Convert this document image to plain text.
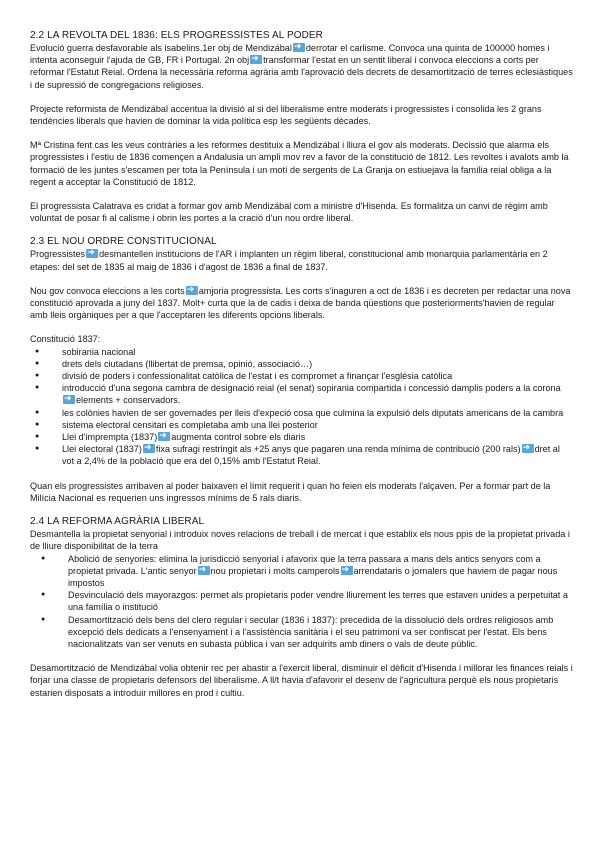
2.2 LA REVOLTA DEL 1836: ELS PROGRESSISTES AL PODER

Evolució guerra desfavorable als isabelins.1er obj de Mendizábal ➜ derrotar el carlisme. Convoca una quinta de 100000 homes i intenta aconseguir l'ajuda de GB, FR i Portugal. 2n obj ➜ transformar l'estat en un sentit liberal i convoca eleccions a corts per reformar l'Estatut Reial. Ordena la necessària reforma agrària amb l'aprovació dels decrets de desamortització de terres eclesiàstiques i de supressió de congregacions religioses.

Projecte reformista de Mendizábal accentua la divisió al si del liberalisme entre moderats i progressistes i consolida les 2 grans tendències liberals que havien de dominar la vida política esp les següents dècades.

Mª Cristina fent cas les veus contràries a les reformes destituix a Mendizábal i lliura el gov als moderats. Decissió que alarma els progressistes i l'estiu de 1836 començen a Andalusia un ampli mov rev a favor de la constitució de 1812. Les revoltes i avalots amb la formació de les juntes s'escamen per tota la Península i un motí de sergents de La Granja on estiuejava la família reial obliga a la regent a acceptar la Constitució de 1812.

El progressista Calatrava es cridat a formar gov amb Mendizábal com a ministre d'Hisenda. Es formalitza un canvi de règim amb voluntat de posar fi al calisme i obrin les portes a la cració d'un nou ordre liberal.

2.3 EL NOU ORDRE CONSTITUCIONAL

Progressistes ➜ desmantellen institucions de l'AR i implanten un règim liberal, constitucional amb monarquia parlamentària en 2 etapes: del set de 1835 al maig de 1836 i d'agost de 1836 a final de 1837.

Nou gov convoca eleccions a les corts ➜ amjoria progressista. Les corts s'inaguren a oct de 1836 i es decreten per redactar una nova constitució aprovada a juny del 1837. Molt+ curta que la de cadis i deixa de banda qüestions que posteriorments'havien de regular amb lleis orgàniques per a que l'acceptaren les diferents opcions liberals.

Constitució 1837:

● sobirania nacional
● drets dels ciutadans (llibertat de premsa, opinió, associació…)
● divisió de poders i confessionalitat catòlica de l'estat i es compromet a finançar l'església catòlica
● introducció d'una segona cambra de designació reial (el senat) sopirania compartida i concessió damplis poders a la corona➜elements + conservadors.
● les colònies havien de ser governades per lleis d'expeció cosa que culmina la expulsió dels diputats americans de la cambra
● sistema electoral censitari es completaba amb una llei posterior
● Llei d'imprempta (1837) ➜ augmenta control sobre els diaris
● Llei electoral (1837) ➜ fixa sufragi restringit als +25 anys que pagaren una renda mínima de contribució (200 rals) ➜ dret al vot a 2,4% de la població que era del 0,15% amb l'Estatut Reial.

Quan els progressistes arribaven al poder baixaven el límit requerit i quan ho feien els moderats l'alçaven. Per a formar part de la Milícia Nacional es requerien uns ingressos mínims de 5 rals diaris.

2.4 LA REFORMA AGRÀRIA LIBERAL

Desmantella la propietat senyorial i introduix noves relacions de treball i de mercat i que establix els nous ppis de la propietat privada i de lliure disponibilitat de la terra

● Abolició de senyories: elimina la jurisdicció senyorial i afavorix que la terra passara a mans dels antics senyors com a propietat privada. L'antic senyor ➜ nou propietari i molts camperols ➜ arrendataris o jornalers que haviem de pagar nous impostos
● Desvinculació dels mayorazgos: permet als propietaris poder vendre lliurement les terres que estaven unides a perpetuitat a una família o institució
● Desamortització dels bens del clero regular i secular (1836 i 1837): precedida de la dissolució dels ordres religiosos amb excepció dels dedicats a l'ensenyament i a l'assistència sanitària i el seu patrimoni va ser confiscat per l'estat. Els bens nacionalitzats van ser venuts en subasta pública i van ser adquirits amb diners o vals de deute públic.

Desamortització de Mendizábal volia obtenir rec per abastir a l'exercit liberal, disminuir el dèficit d'Hisenda i millorar les finances reials i forjar una classe de propietaris defensors del liberalisme. A ll/t havia d'afavorir el desenv de l'agricultura perquè els nous propietaris estarien disposats a introduir millores en prod i cultiu.
